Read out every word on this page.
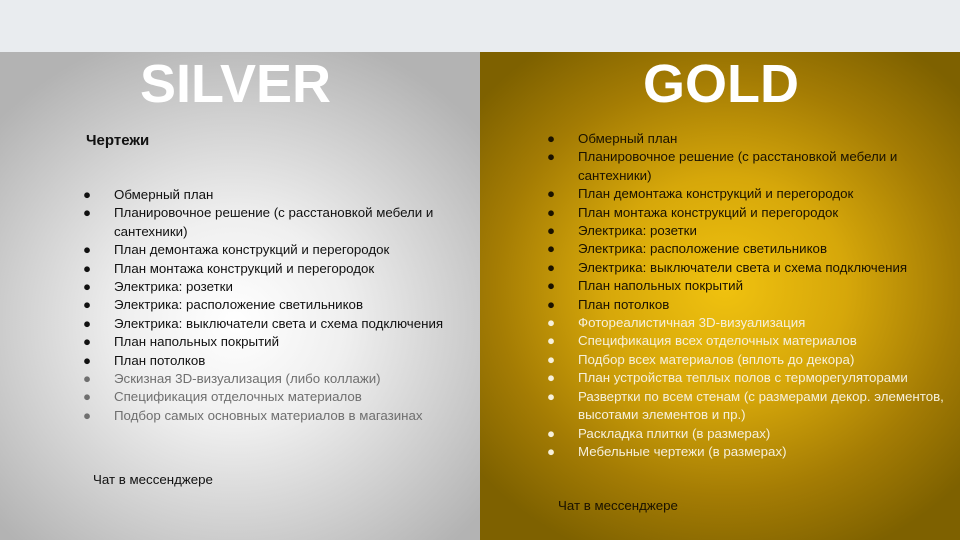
SILVER
Чертежи
● Обмерный план
● Планировочное решение (с расстановкой мебели и сантехники)
● План демонтажа конструкций и перегородок
● План монтажа конструкций и перегородок
● Электрика: розетки
● Электрика: расположение светильников
● Электрика: выключатели света и схема подключения
● План напольных покрытий
● План потолков
● Эскизная 3D-визуализация (либо коллажи)
● Спецификация отделочных материалов
● Подбор самых основных материалов в магазинах

Чат в мессенджере

GOLD
● Обмерный план
● Планировочное решение (с расстановкой мебели и сантехники)
● План демонтажа конструкций и перегородок
● План монтажа конструкций и перегородок
● Электрика: розетки
● Электрика: расположение светильников
● Электрика: выключатели света и схема подключения
● План напольных покрытий
● План потолков
● Фотореалистичная 3D-визуализация
● Спецификация всех отделочных материалов
● Подбор всех материалов (вплоть до декора)
● План устройства теплых полов с терморегуляторами
● Развертки по всем стенам (с размерами декор. элементов, высотами элементов и пр.)
● Раскладка плитки (в размерах)
● Мебельные чертежи (в размерах)

Чат в мессенджере
